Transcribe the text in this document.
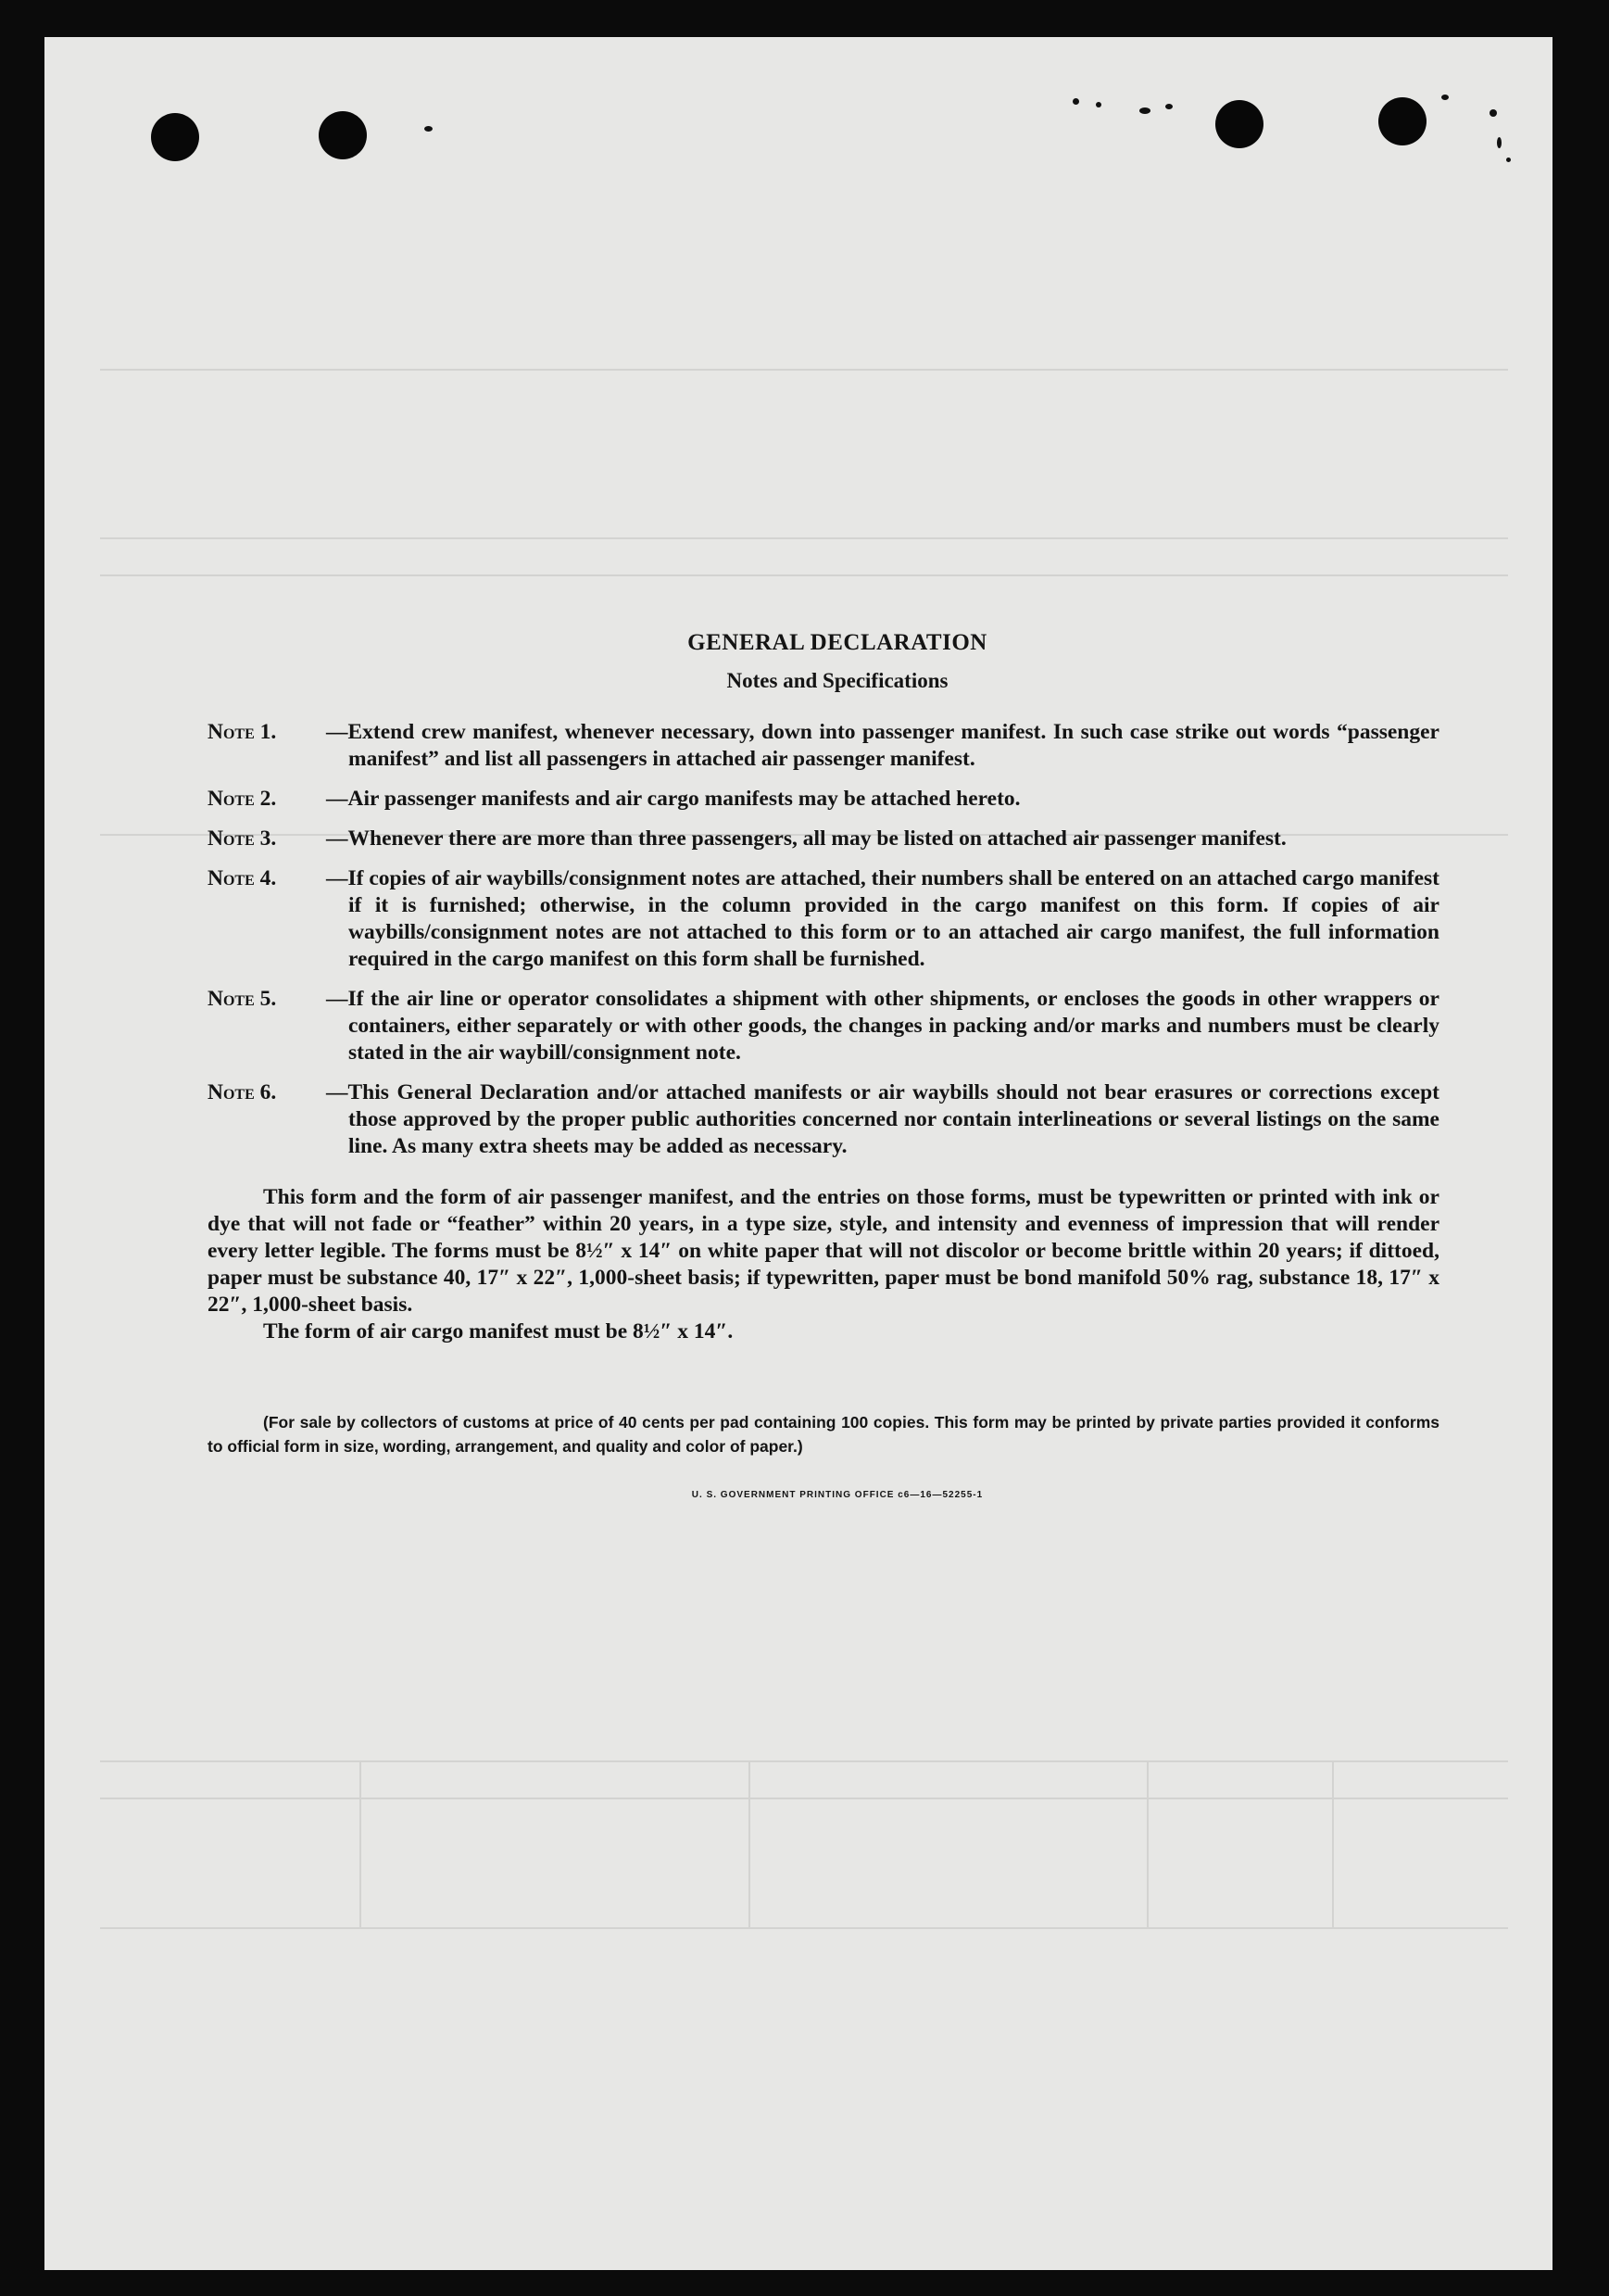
GENERAL DECLARATION
Notes and Specifications
Note 1.	—Extend crew manifest, whenever necessary, down into passenger manifest. In such case strike out words “passenger manifest” and list all passengers in attached air passenger manifest.
Note 2.	—Air passenger manifests and air cargo manifests may be attached hereto.
Note 3.	—Whenever there are more than three passengers, all may be listed on attached air passenger manifest.
Note 4.	—If copies of air waybills/consignment notes are attached, their numbers shall be entered on an attached cargo manifest if it is furnished; otherwise, in the column provided in the cargo manifest on this form. If copies of air waybills/consignment notes are not attached to this form or to an attached air cargo manifest, the full information required in the cargo manifest on this form shall be furnished.
Note 5.	—If the air line or operator consolidates a shipment with other shipments, or encloses the goods in other wrappers or containers, either separately or with other goods, the changes in packing and/or marks and numbers must be clearly stated in the air waybill/consignment note.
Note 6.	—This General Declaration and/or attached manifests or air waybills should not bear erasures or corrections except those approved by the proper public authorities concerned nor contain interlineations or several listings on the same line. As many extra sheets may be added as necessary.
This form and the form of air passenger manifest, and the entries on those forms, must be typewritten or printed with ink or dye that will not fade or “feather” within 20 years, in a type size, style, and intensity and evenness of impression that will render every letter legible. The forms must be 8½″ x 14″ on white paper that will not discolor or become brittle within 20 years; if dittoed, paper must be substance 40, 17″ x 22″, 1,000-sheet basis; if typewritten, paper must be bond manifold 50% rag, substance 18, 17″ x 22″, 1,000-sheet basis.
The form of air cargo manifest must be 8½″ x 14″.
(For sale by collectors of customs at price of 40 cents per pad containing 100 copies. This form may be printed by private parties provided it conforms to official form in size, wording, arrangement, and quality and color of paper.)
U. S. GOVERNMENT PRINTING OFFICE c6—16—52255-1
